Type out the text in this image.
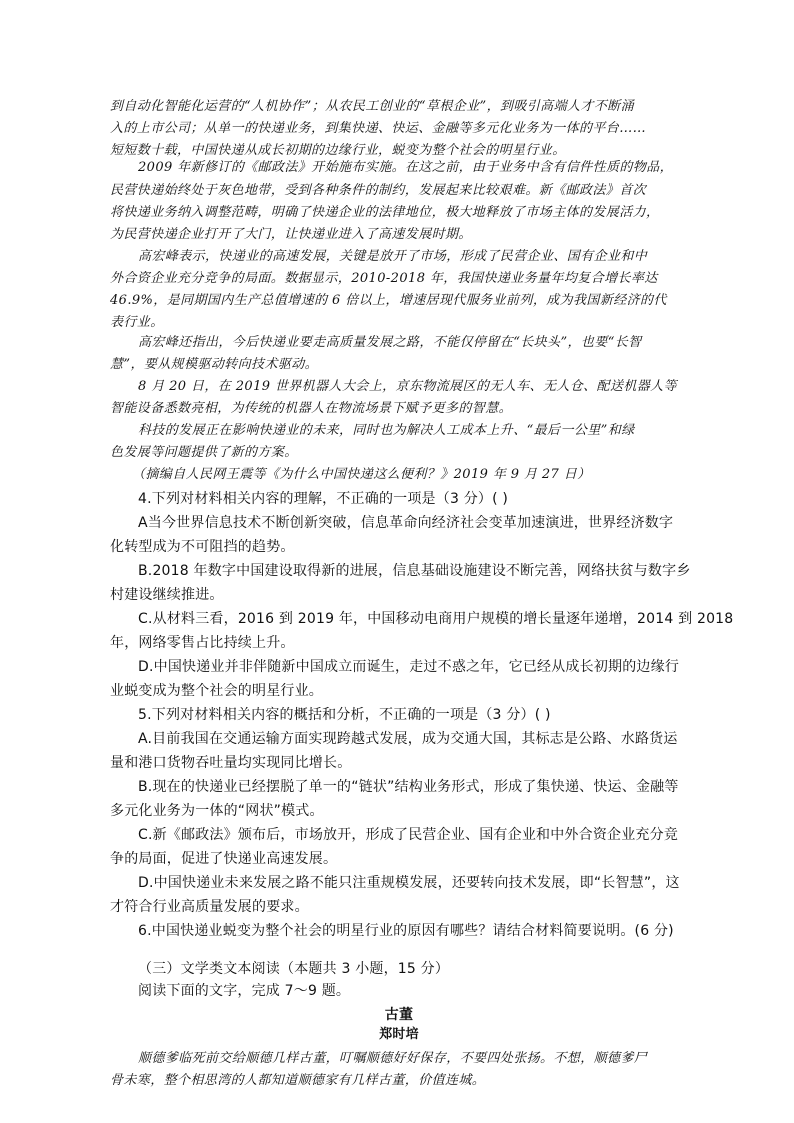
到自动化智能化运营的“人机协作”；从农民工创业的“草根企业”，到吸引高端人才不断涌
入的上市公司；从单一的快递业务，到集快递、快运、金融等多元化业务为一体的平台……
短短数十载，中国快递从成长初期的边缘行业，蜕变为整个社会的明星行业。
2009 年新修订的《邮政法》开始施布实施。在这之前，由于业务中含有信件性质的物品，
民营快递始终处于灰色地带，受到各种条件的制约，发展起来比较艰难。新《邮政法》首次
将快递业务纳入调整范畴，明确了快递企业的法律地位，极大地释放了市场主体的发展活力，
为民营快递企业打开了大门，让快递业进入了高速发展时期。
高宏峰表示，快递业的高速发展，关键是放开了市场，形成了民营企业、国有企业和中
外合资企业充分竞争的局面。数据显示，2010-2018 年，我国快递业务量年均复合增长率达
46.9%，是同期国内生产总值增速的 6 倍以上，增速居现代服务业前列，成为我国新经济的代
表行业。
高宏峰还指出，今后快递业要走高质量发展之路，不能仅停留在“长块头”，也要“长智
慧”，要从规模驱动转向技术驱动。
8 月 20 日，在 2019 世界机器人大会上，京东物流展区的无人车、无人仓、配送机器人等
智能设备悉数亮相，为传统的机器人在物流场景下赋予更多的智慧。
科技的发展正在影响快递业的未来，同时也为解决人工成本上升、“最后一公里”和绿
色发展等问题提供了新的方案。
（摘编自人民网王震等《为什么中国快递这么便利？》2019 年 9 月 27 日）
4.下列对材料相关内容的理解，不正确的一项是（3 分）( )
A当今世界信息技术不断创新突破，信息革命向经济社会变革加速演进，世界经济数字
化转型成为不可阻挡的趋势。
B.2018 年数字中国建设取得新的进展，信息基础设施建设不断完善，网络扶贫与数字乡
村建设继续推进。
C.从材料三看，2016 到 2019 年，中国移动电商用户规模的增长量逐年递增，2014 到 2018
年，网络零售占比持续上升。
D.中国快递业并非伴随新中国成立而诞生，走过不惑之年，它已经从成长初期的边缘行
业蜕变成为整个社会的明星行业。
5.下列对材料相关内容的概括和分析，不正确的一项是（3 分）( )
A.目前我国在交通运输方面实现跨越式发展，成为交通大国，其标志是公路、水路货运
量和港口货物吞吐量均实现同比增长。
B.现在的快递业已经摆脱了单一的“链状”结构业务形式，形成了集快递、快运、金融等
多元化业务为一体的“网状”模式。
C.新《邮政法》颁布后，市场放开，形成了民营企业、国有企业和中外合资企业充分竞
争的局面，促进了快递业高速发展。
D.中国快递业未来发展之路不能只注重规模发展，还要转向技术发展，即“长智慧”，这
才符合行业高质量发展的要求。
6.中国快递业蜕变为整个社会的明星行业的原因有哪些？请结合材料简要说明。(6 分)
（三）文学类文本阅读（本题共 3 小题，15 分）
阅读下面的文字，完成 7～9 题。
古董
郑时培
顺德爹临死前交给顺德几样古董，叮嘱顺德好好保存，不要四处张扬。不想，顺德爹尸
骨未寒，整个相思湾的人都知道顺德家有几样古董，价值连城。
